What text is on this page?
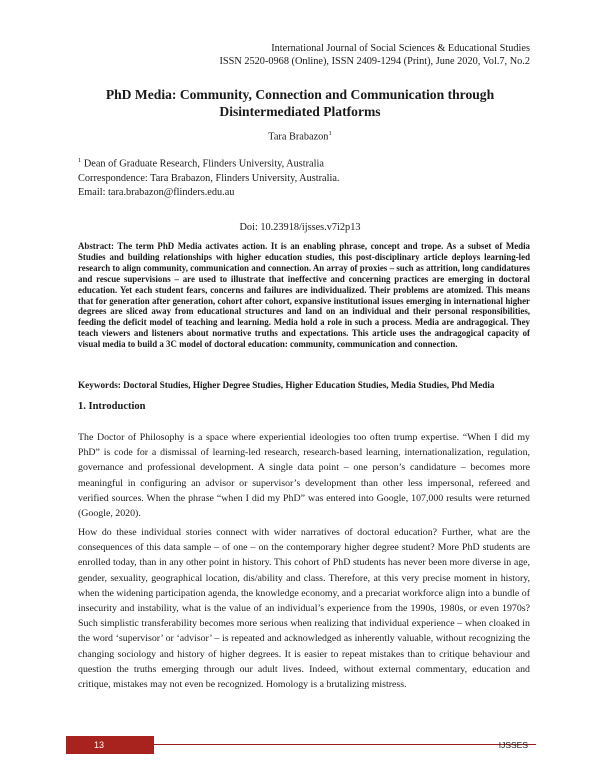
International Journal of Social Sciences & Educational Studies
ISSN 2520-0968 (Online), ISSN 2409-1294 (Print), June 2020, Vol.7, No.2
PhD Media: Community, Connection and Communication through
Disintermediated Platforms
Tara Brabazon$^1$
$^1$ Dean of Graduate Research, Flinders University, Australia
Correspondence: Tara Brabazon, Flinders University, Australia.
Email: tara.brabazon@flinders.edu.au
Doi: 10.23918/ijsses.v7i2p13
Abstract: The term PhD Media activates action. It is an enabling phrase, concept and trope. As a subset of Media Studies and building relationships with higher education studies, this post-disciplinary article deploys learning-led research to align community, communication and connection. An array of proxies – such as attrition, long candidatures and rescue supervisions – are used to illustrate that ineffective and concerning practices are emerging in doctoral education. Yet each student fears, concerns and failures are individualized. Their problems are atomized. This means that for generation after generation, cohort after cohort, expansive institutional issues emerging in international higher degrees are sliced away from educational structures and land on an individual and their personal responsibilities, feeding the deficit model of teaching and learning. Media hold a role in such a process. Media are andragogical. They teach viewers and listeners about normative truths and expectations. This article uses the andragogical capacity of visual media to build a 3C model of doctoral education: community, communication and connection.
Keywords: Doctoral Studies, Higher Degree Studies, Higher Education Studies, Media Studies, Phd Media
1. Introduction

The Doctor of Philosophy is a space where experiential ideologies too often trump expertise. “When I did my PhD” is code for a dismissal of learning-led research, research-based learning, internationalization, regulation, governance and professional development. A single data point – one person’s candidature – becomes more meaningful in configuring an advisor or supervisor’s development than other less impersonal, refereed and verified sources. When the phrase “when I did my PhD” was entered into Google, 107,000 results were returned (Google, 2020).

How do these individual stories connect with wider narratives of doctoral education? Further, what are the consequences of this data sample – of one – on the contemporary higher degree student? More PhD students are enrolled today, than in any other point in history. This cohort of PhD students has never been more diverse in age, gender, sexuality, geographical location, dis/ability and class. Therefore, at this very precise moment in history, when the widening participation agenda, the knowledge economy, and a precariat workforce align into a bundle of insecurity and instability, what is the value of an individual’s experience from the 1990s, 1980s, or even 1970s? Such simplistic transferability becomes more serious when realizing that individual experience – when cloaked in the word ‘supervisor’ or ‘advisor’ – is repeated and acknowledged as inherently valuable, without recognizing the changing sociology and history of higher degrees. It is easier to repeat mistakes than to critique behaviour and question the truths emerging through our adult lives. Indeed, without external commentary, education and critique, mistakes may not even be recognized. Homology is a brutalizing mistress.

13	IJSSES
